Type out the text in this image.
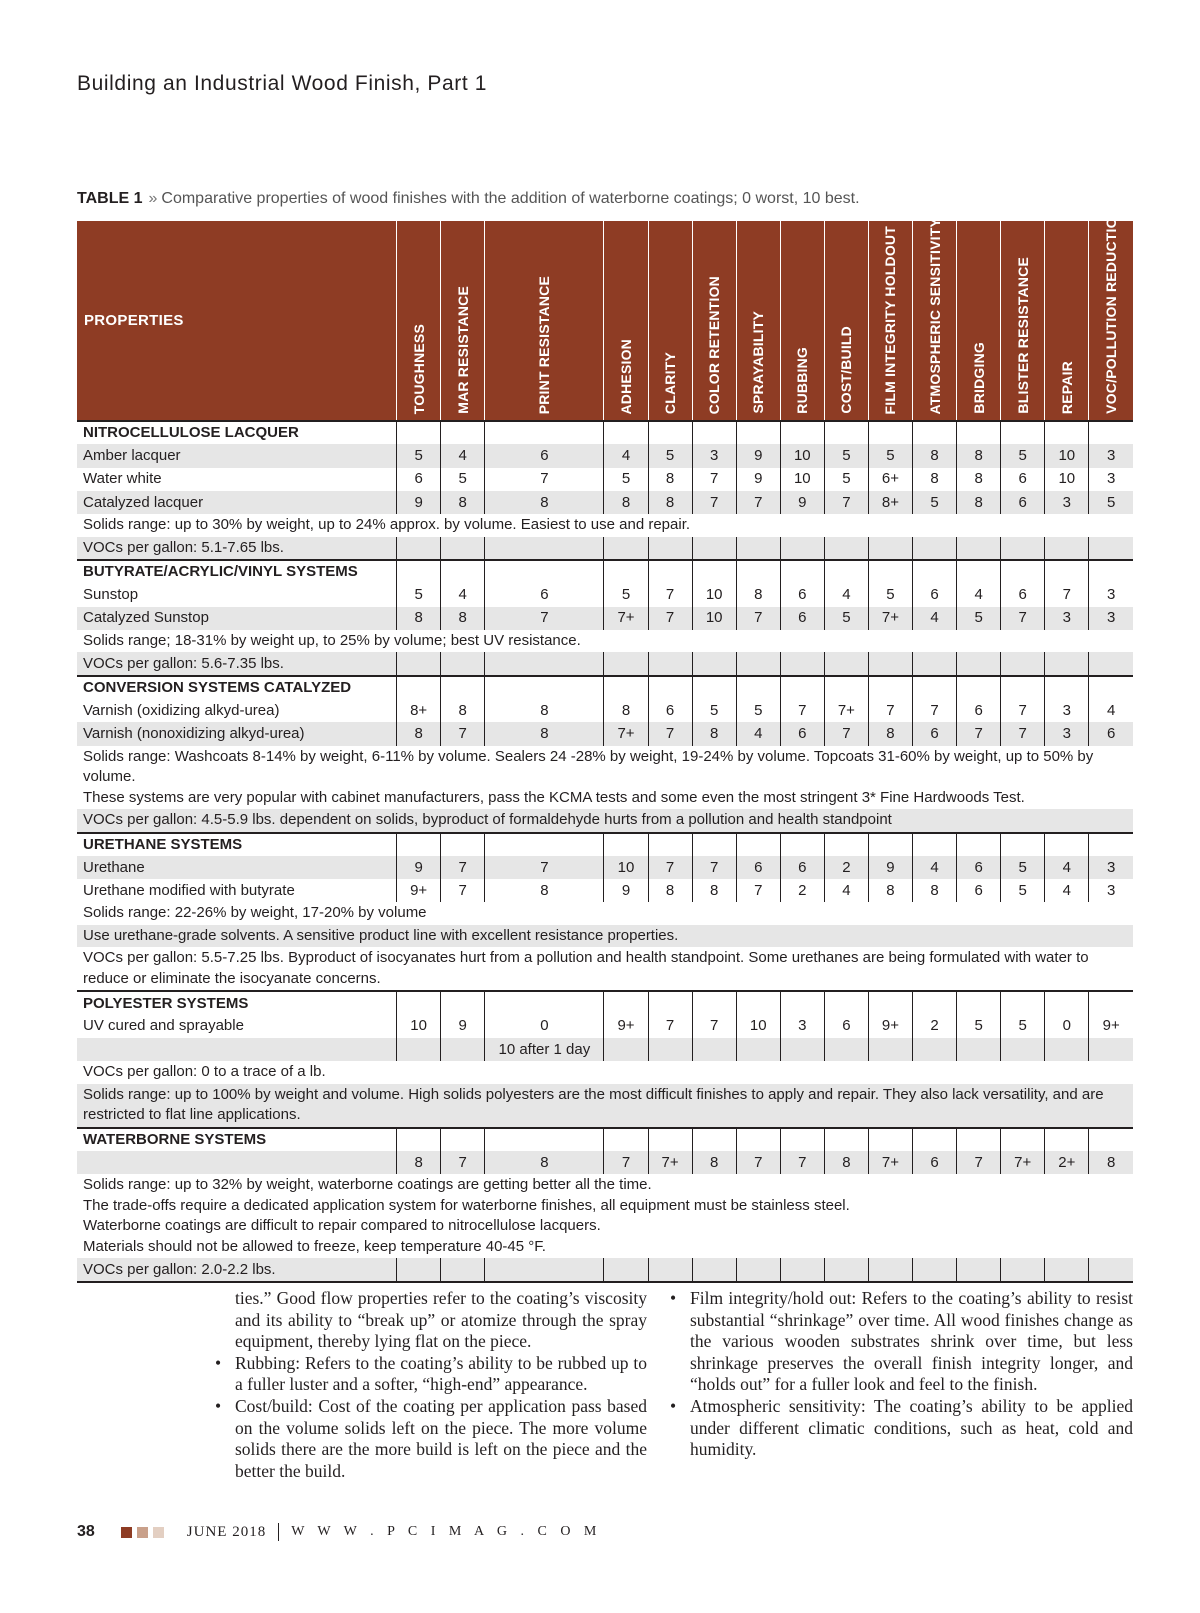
Building an Industrial Wood Finish, Part 1
TABLE 1 » Comparative properties of wood finishes with the addition of waterborne coatings; 0 worst, 10 best.
PROPERTIES	TOUGHNESS	MAR RESISTANCE	PRINT RESISTANCE	ADHESION	CLARITY	COLOR RETENTION	SPRAYABILITY	RUBBING	COST/BUILD	FILM INTEGRITY HOLDOUT	ATMOSPHERIC SENSITIVITY	BRIDGING	BLISTER RESISTANCE	REPAIR	VOC/POLLUTION REDUCTION

NITROCELLULOSE LACQUER															
Amber lacquer	5	4	6	4	5	3	9	10	5	5	8	8	5	10	3
Water white	6	5	7	5	8	7	9	10	5	6+	8	8	6	10	3
Catalyzed lacquer	9	8	8	8	8	7	7	9	7	8+	5	8	6	3	5

Solids range: up to 30% by weight, up to 24% approx. by volume. Easiest to use and repair.															

VOCs per gallon: 5.1-7.65 lbs.															
BUTYRATE/ACRYLIC/VINYL SYSTEMS															
Sunstop	5	4	6	5	7	10	8	6	4	5	6	4	6	7	3
Catalyzed Sunstop	8	8	7	7+	7	10	7	6	5	7+	4	5	7	3	3

Solids range; 18-31% by weight up, to 25% by volume; best UV resistance.															

VOCs per gallon: 5.6-7.35 lbs.															
CONVERSION SYSTEMS CATALYZED															
Varnish (oxidizing alkyd-urea)	8+	8	8	8	6	5	5	7	7+	7	7	6	7	3	4
Varnish (nonoxidizing alkyd-urea)	8	7	8	7+	7	8	4	6	7	8	6	7	7	3	6

Solids range: Washcoats 8-14% by weight, 6-11% by volume. Sealers 24 -28% by weight, 19-24% by volume. Topcoats 31-60% by weight, up to 50% by volume.
These systems are very popular with cabinet manufacturers, pass the KCMA tests and some even the most stringent 3* Fine Hardwoods Test.															

VOCs per gallon: 4.5-5.9 lbs. dependent on solids, byproduct of formaldehyde hurts from a pollution and health standpoint															

URETHANE SYSTEMS															
Urethane	9	7	7	10	7	7	6	6	2	9	4	6	5	4	3
Urethane modified with butyrate	9+	7	8	9	8	8	7	2	4	8	8	6	5	4	3

Solids range: 22-26% by weight, 17-20% by volume															

Use urethane-grade solvents. A sensitive product line with excellent resistance properties.															

VOCs per gallon: 5.5-7.25 lbs. Byproduct of isocyanates hurt from a pollution and health standpoint. Some urethanes are being formulated with water to reduce or eliminate the isocyanate concerns.															

POLYESTER SYSTEMS															
UV cured and sprayable	10	9	0	9+	7	7	10	3	6	9+	2	5	5	0	9+
			10 after 1 day												

VOCs per gallon: 0 to a trace of a lb.															

Solids range: up to 100% by weight and volume. High solids polyesters are the most difficult finishes to apply and repair. They also lack versatility, and are restricted to flat line applications.															

WATERBORNE SYSTEMS															
	8	7	8	7	7+	8	7	7	8	7+	6	7	7+	2+	8

Solids range: up to 32% by weight, waterborne coatings are getting better all the time.
The trade-offs require a dedicated application system for waterborne finishes, all equipment must be stainless steel.
Waterborne coatings are difficult to repair compared to nitrocellulose lacquers.
Materials should not be allowed to freeze, keep temperature 40-45 °F.															

VOCs per gallon: 2.0-2.2 lbs.															

ties.” Good flow properties refer to the coating’s viscosity and its ability to “break up” or atomize through the spray equipment, thereby lying flat on the piece.

• Rubbing: Refers to the coating’s ability to be rubbed up to a fuller luster and a softer, “high-end” appearance.
• Cost/build: Cost of the coating per application pass based on the volume solids left on the piece. The more volume solids there are the more build is left on the piece and the better the build.
• Film integrity/hold out: Refers to the coating’s ability to resist substantial “shrinkage” over time. All wood finishes change as the various wooden substrates shrink over time, but less shrinkage preserves the overall finish integrity longer, and “holds out” for a fuller look and feel to the finish.
• Atmospheric sensitivity: The coating’s ability to be applied under different climatic conditions, such as heat, cold and humidity.
38	JUNE 2018 W W W . P C I M A G . C O M
